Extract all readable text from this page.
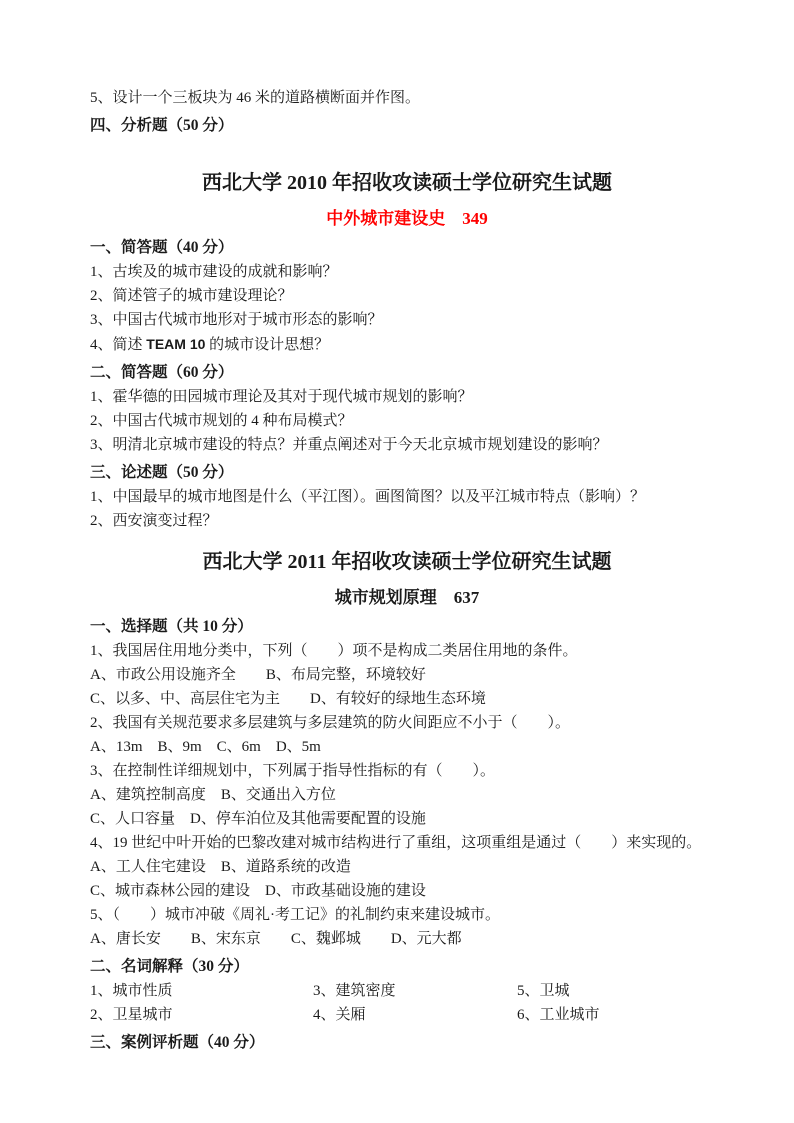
5、设计一个三板块为 46 米的道路横断面并作图。

四、分析题（50 分）

西北大学 2010 年招收攻读硕士学位研究生试题

中外城市建设史　349

一、简答题（40 分）

1、古埃及的城市建设的成就和影响？

2、简述管子的城市建设理论？

3、中国古代城市地形对于城市形态的影响？

4、简述 TEAM 10 的城市设计思想？

二、简答题（60 分）

1、霍华德的田园城市理论及其对于现代城市规划的影响？

2、中国古代城市规划的 4 种布局模式？

3、明清北京城市建设的特点？并重点阐述对于今天北京城市规划建设的影响？

三、论述题（50 分）

1、中国最早的城市地图是什么（平江图）。画图简图？以及平江城市特点（影响）？

2、西安演变过程？

西北大学 2011 年招收攻读硕士学位研究生试题

城市规划原理　637

一、选择题（共 10 分）

1、我国居住用地分类中，下列（　　）项不是构成二类居住用地的条件。

A、市政公用设施齐全　　B、布局完整，环境较好

C、以多、中、高层住宅为主　　D、有较好的绿地生态环境

2、我国有关规范要求多层建筑与多层建筑的防火间距应不小于（　　）。

A、13m　B、9m　C、6m　D、5m

3、在控制性详细规划中，下列属于指导性指标的有（　　）。

A、建筑控制高度　B、交通出入方位

C、人口容量　D、停车泊位及其他需要配置的设施

4、19 世纪中叶开始的巴黎改建对城市结构进行了重组，这项重组是通过（　　）来实现的。

A、工人住宅建设　B、道路系统的改造

C、城市森林公园的建设　D、市政基础设施的建设

5、（　　）城市冲破《周礼·考工记》的礼制约束来建设城市。

A、唐长安　　B、宋东京　　C、魏邺城　　D、元大都

二、名词解释（30 分）

1、城市性质	3、建筑密度	5、卫城
2、卫星城市	4、关厢	6、工业城市

三、案例评析题（40 分）
